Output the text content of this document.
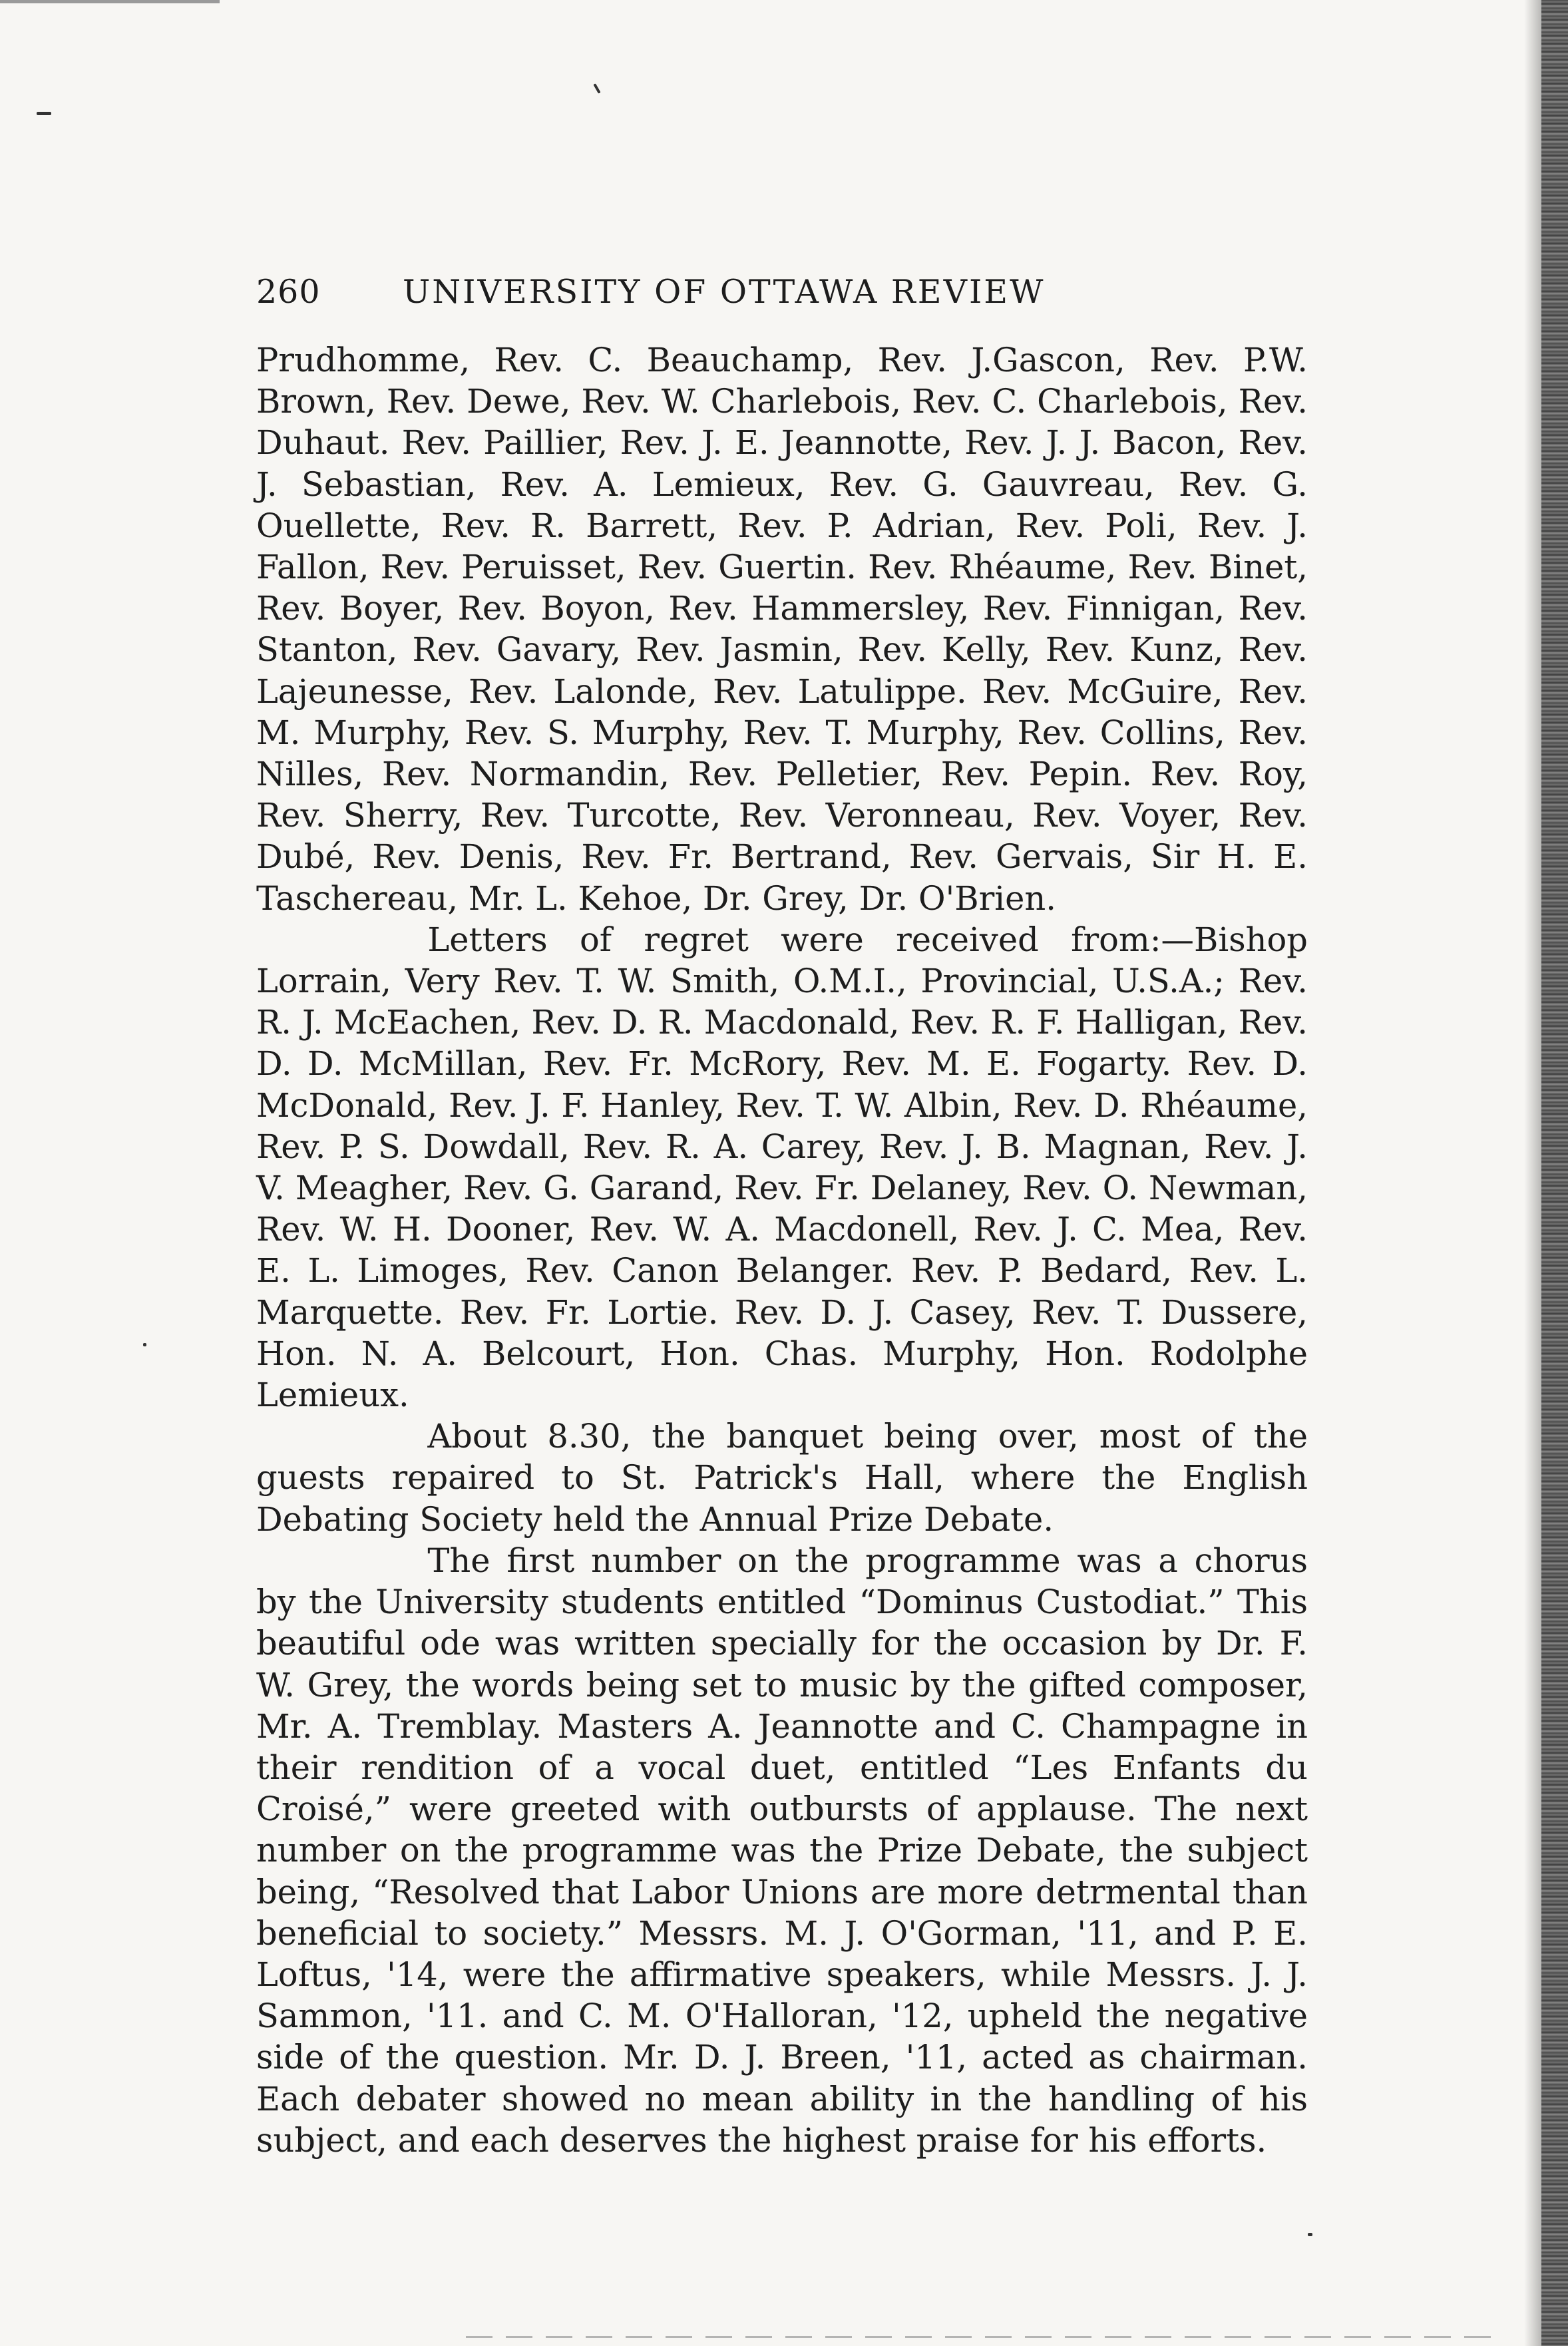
260	UNIVERSITY OF OTTAWA REVIEW

Prudhomme, Rev. C. Beauchamp, Rev. J.Gascon, Rev. P.W. Brown, Rev. Dewe, Rev. W. Charlebois, Rev. C. Charlebois, Rev. Duhaut. Rev. Paillier, Rev. J. E. Jeannotte, Rev. J. J. Bacon, Rev. J. Sebastian, Rev. A. Lemieux, Rev. G. Gauvreau, Rev. G. Ouellette, Rev. R. Barrett, Rev. P. Adrian, Rev. Poli, Rev. J. Fallon, Rev. Peruisset, Rev. Guertin. Rev. Rhéaume, Rev. Binet, Rev. Boyer, Rev. Boyon, Rev. Hammersley, Rev. Finnigan, Rev. Stanton, Rev. Gavary, Rev. Jasmin, Rev. Kelly, Rev. Kunz, Rev. Lajeunesse, Rev. Lalonde, Rev. Latulippe. Rev. McGuire, Rev. M. Murphy, Rev. S. Murphy, Rev. T. Murphy, Rev. Collins, Rev. Nilles, Rev. Normandin, Rev. Pelletier, Rev. Pepin. Rev. Roy, Rev. Sherry, Rev. Turcotte, Rev. Veronneau, Rev. Voyer, Rev. Dubé, Rev. Denis, Rev. Fr. Bertrand, Rev. Gervais, Sir H. E. Taschereau, Mr. L. Kehoe, Dr. Grey, Dr. O'Brien.

Letters of regret were received from:—Bishop Lorrain, Very Rev. T. W. Smith, O.M.I., Provincial, U.S.A.; Rev. R. J. McEachen, Rev. D. R. Macdonald, Rev. R. F. Halligan, Rev. D. D. McMillan, Rev. Fr. McRory, Rev. M. E. Fogarty. Rev. D. McDonald, Rev. J. F. Hanley, Rev. T. W. Albin, Rev. D. Rhéaume, Rev. P. S. Dowdall, Rev. R. A. Carey, Rev. J. B. Magnan, Rev. J. V. Meagher, Rev. G. Garand, Rev. Fr. Delaney, Rev. O. Newman, Rev. W. H. Dooner, Rev. W. A. Macdonell, Rev. J. C. Mea, Rev. E. L. Limoges, Rev. Canon Belanger. Rev. P. Bedard, Rev. L. Marquette. Rev. Fr. Lortie. Rev. D. J. Casey, Rev. T. Dussere, Hon. N. A. Belcourt, Hon. Chas. Murphy, Hon. Rodolphe Lemieux.

About 8.30, the banquet being over, most of the guests repaired to St. Patrick's Hall, where the English Debating Society held the Annual Prize Debate.

The first number on the programme was a chorus by the University students entitled “Dominus Custodiat.” This beautiful ode was written specially for the occasion by Dr. F. W. Grey, the words being set to music by the gifted composer, Mr. A. Tremblay. Masters A. Jeannotte and C. Champagne in their rendition of a vocal duet, entitled “Les Enfants du Croisé,” were greeted with outbursts of applause. The next number on the programme was the Prize Debate, the subject being, “Resolved that Labor Unions are more detrmental than beneficial to society.” Messrs. M. J. O'Gorman, '11, and P. E. Loftus, '14, were the affirmative speakers, while Messrs. J. J. Sammon, '11. and C. M. O'Halloran, '12, upheld the negative side of the question. Mr. D. J. Breen, '11, acted as chairman. Each debater showed no mean ability in the handling of his subject, and each deserves the highest praise for his efforts.
